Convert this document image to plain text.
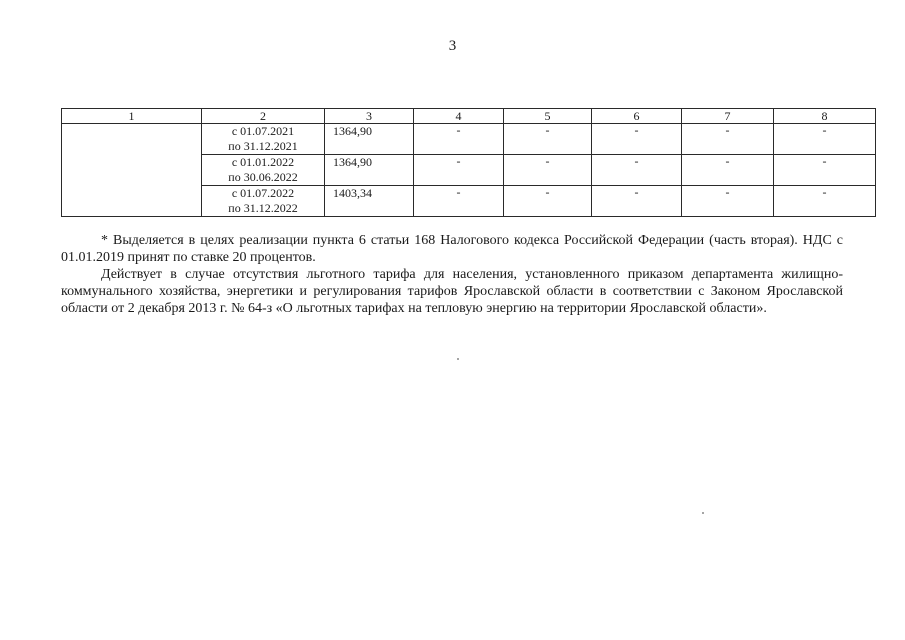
3
1	2	3	4	5	6	7	8

	с 01.07.2021
по 31.12.2021	1364,90	-	-	-	-	-

	с 01.01.2022
по 30.06.2022	1364,90	-	-	-	-	-

	с 01.07.2022
по 31.12.2022	1403,34	-	-	-	-	-

* Выделяется в целях реализации пункта 6 статьи 168 Налогового кодекса Российской Федерации (часть вторая). НДС с 01.01.2019 принят по ставке 20 процентов.

Действует в случае отсутствия льготного тарифа для населения, установленного приказом департамента жилищно-коммунального хозяйства, энергетики и регулирования тарифов Ярославской области в соответствии с Законом Ярославской области от 2 декабря 2013 г. № 64-з «О льготных тарифах на тепловую энергию на территории Ярославской области».
